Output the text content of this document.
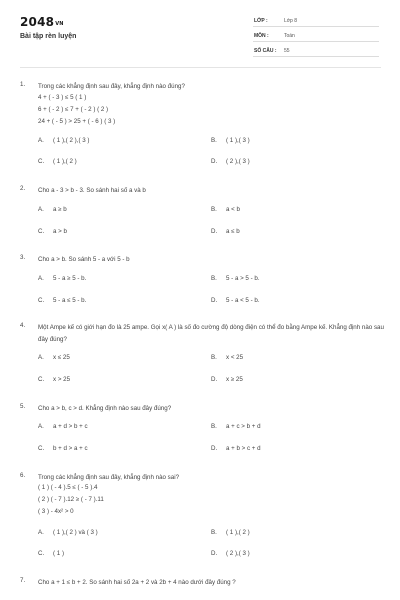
2048VN
Bài tập rèn luyện
LỚP :	Lớp 8
MÔN :	Toán
SỐ CÂU : 55
1. Trong các khẳng định sau đây, khẳng định nào đúng?
4 + ( - 3 ) ≤ 5 ( 1 )
6 + ( - 2 ) ≤ 7 + ( - 2 ) ( 2 )
24 + ( - 5 ) > 25 + ( - 6 ) ( 3 )
A. ( 1 ),( 2 ),( 3 )	B. ( 1 ),( 3 )
C. ( 1 ),( 2 )	D. ( 2 ),( 3 )
2. Cho a - 3 > b - 3. So sánh hai số a và b
A. a ≥ b	B. a < b
C. a > b	D. a ≤ b
3. Cho a > b. So sánh 5 - a với 5 - b
A. 5 - a ≥ 5 - b.	B. 5 - a > 5 - b.
C. 5 - a ≤ 5 - b.	D. 5 - a < 5 - b.
4. Một Ampe kế có giới hạn đo là 25 ampe. Gọi x( A ) là số đo cường độ dòng điện có thể đo bằng Ampe kế. Khẳng định nào sau đây đúng?
A. x ≤ 25	B. x < 25
C. x > 25	D. x ≥ 25
5. Cho a > b, c > d. Khẳng định nào sau đây đúng?
A. a + d > b + c	B. a + c > b + d
C. b + d > a + c	D. a + b > c + d
6. Trong các khẳng định sau đây, khẳng định nào sai?
( 1 ) ( - 4 ).5 ≤ ( - 5 ).4
( 2 ) ( - 7 ).12 ≥ ( - 7 ).11
( 3 ) - 4x² > 0
A. ( 1 ),( 2 ) và ( 3 )	B. ( 1 ),( 2 )
C. ( 1 )	D. ( 2 ),( 3 )
7. Cho a + 1 ≤ b + 2. So sánh hai số 2a + 2 và 2b + 4 nào dưới đây đúng ?
